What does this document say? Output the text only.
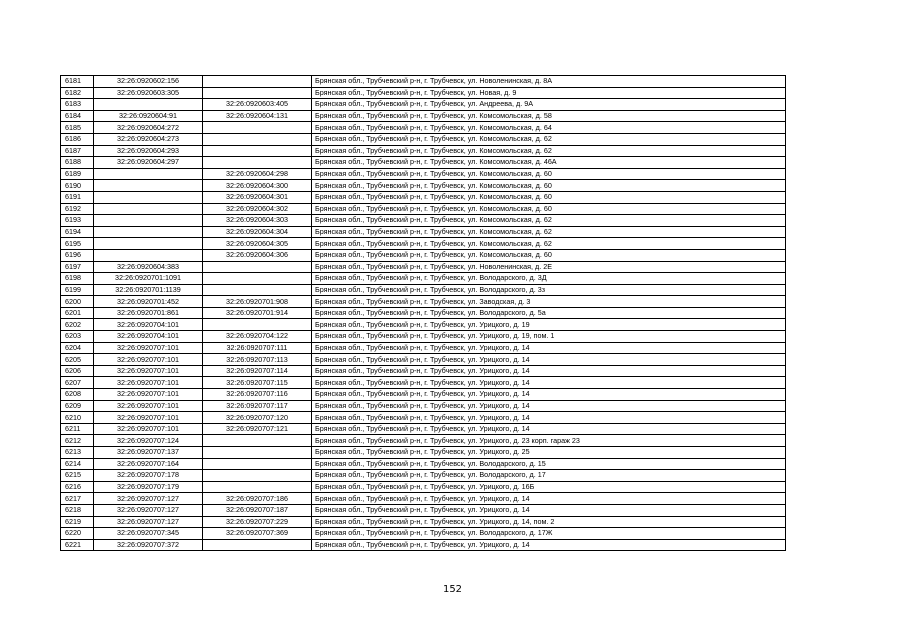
6181	32:26:0920602:156		Брянская обл., Трубчевский р-н, г. Трубчевск, ул. Новоленинская, д. 8А
6182	32:26:0920603:305		Брянская обл., Трубчевский р-н, г. Трубчевск, ул. Новая, д. 9
6183		32:26:0920603:405	Брянская обл., Трубчевский р-н, г. Трубчевск, ул. Андреева, д. 9А
6184	32:26:0920604:91	32:26:0920604:131	Брянская обл., Трубчевский р-н, г. Трубчевск, ул. Комсомольская, д. 58
6185	32:26:0920604:272		Брянская обл., Трубчевский р-н, г. Трубчевск, ул. Комсомольская, д. 64
6186	32:26:0920604:273		Брянская обл., Трубчевский р-н, г. Трубчевск, ул. Комсомольская, д. 62
6187	32:26:0920604:293		Брянская обл., Трубчевский р-н, г. Трубчевск, ул. Комсомольская, д. 62
6188	32:26:0920604:297		Брянская обл., Трубчевский р-н, г. Трубчевск, ул. Комсомольская, д. 46А
6189		32:26:0920604:298	Брянская обл., Трубчевский р-н, г. Трубчевск, ул. Комсомольская, д. 60
6190		32:26:0920604:300	Брянская обл., Трубчевский р-н, г. Трубчевск, ул. Комсомольская, д. 60
6191		32:26:0920604:301	Брянская обл., Трубчевский р-н, г. Трубчевск, ул. Комсомольская, д. 60
6192		32:26:0920604:302	Брянская обл., Трубчевский р-н, г. Трубчевск, ул. Комсомольская, д. 60
6193		32:26:0920604:303	Брянская обл., Трубчевский р-н, г. Трубчевск, ул. Комсомольская, д. 62
6194		32:26:0920604:304	Брянская обл., Трубчевский р-н, г. Трубчевск, ул. Комсомольская, д. 62
6195		32:26:0920604:305	Брянская обл., Трубчевский р-н, г. Трубчевск, ул. Комсомольская, д. 62
6196		32:26:0920604:306	Брянская обл., Трубчевский р-н, г. Трубчевск, ул. Комсомольская, д. 60
6197	32:26:0920604:383		Брянская обл., Трубчевский р-н, г. Трубчевск, ул. Новоленинская, д. 2Е
6198	32:26:0920701:1091		Брянская обл., Трубчевский р-н, г. Трубчевск, ул. Володарского, д. 3Д
6199	32:26:0920701:1139		Брянская обл., Трубчевский р-н, г. Трубчевск, ул. Володарского, д. 3з
6200	32:26:0920701:452	32:26:0920701:908	Брянская обл., Трубчевский р-н, г. Трубчевск, ул. Заводская, д. 3
6201	32:26:0920701:861	32:26:0920701:914	Брянская обл., Трубчевский р-н, г. Трубчевск, ул. Володарского, д. 5а
6202	32:26:0920704:101		Брянская обл., Трубчевский р-н, г. Трубчевск, ул. Урицкого, д. 19
6203	32:26:0920704:101	32:26:0920704:122	Брянская обл., Трубчевский р-н, г. Трубчевск, ул. Урицкого, д. 19, пом. 1
6204	32:26:0920707:101	32:26:0920707:111	Брянская обл., Трубчевский р-н, г. Трубчевск, ул. Урицкого, д. 14
6205	32:26:0920707:101	32:26:0920707:113	Брянская обл., Трубчевский р-н, г. Трубчевск, ул. Урицкого, д. 14
6206	32:26:0920707:101	32:26:0920707:114	Брянская обл., Трубчевский р-н, г. Трубчевск, ул. Урицкого, д. 14
6207	32:26:0920707:101	32:26:0920707:115	Брянская обл., Трубчевский р-н, г. Трубчевск, ул. Урицкого, д. 14
6208	32:26:0920707:101	32:26:0920707:116	Брянская обл., Трубчевский р-н, г. Трубчевск, ул. Урицкого, д. 14
6209	32:26:0920707:101	32:26:0920707:117	Брянская обл., Трубчевский р-н, г. Трубчевск, ул. Урицкого, д. 14
6210	32:26:0920707:101	32:26:0920707:120	Брянская обл., Трубчевский р-н, г. Трубчевск, ул. Урицкого, д. 14
6211	32:26:0920707:101	32:26:0920707:121	Брянская обл., Трубчевский р-н, г. Трубчевск, ул. Урицкого, д. 14
6212	32:26:0920707:124		Брянская обл., Трубчевский р-н, г. Трубчевск, ул. Урицкого, д. 23 корп. гараж 23
6213	32:26:0920707:137		Брянская обл., Трубчевский р-н, г. Трубчевск, ул. Урицкого, д. 25
6214	32:26:0920707:164		Брянская обл., Трубчевский р-н, г. Трубчевск, ул. Володарского, д. 15
6215	32:26:0920707:178		Брянская обл., Трубчевский р-н, г. Трубчевск, ул. Володарского, д. 17
6216	32:26:0920707:179		Брянская обл., Трубчевский р-н, г. Трубчевск, ул. Урицкого, д. 16Б
6217	32:26:0920707:127	32:26:0920707:186	Брянская обл., Трубчевский р-н, г. Трубчевск, ул. Урицкого, д. 14
6218	32:26:0920707:127	32:26:0920707:187	Брянская обл., Трубчевский р-н, г. Трубчевск, ул. Урицкого, д. 14
6219	32:26:0920707:127	32:26:0920707:229	Брянская обл., Трубчевский р-н, г. Трубчевск, ул. Урицкого, д. 14, пом. 2
6220	32:26:0920707:345	32:26:0920707:369	Брянская обл., Трубчевский р-н, г. Трубчевск, ул. Володарского, д. 17Ж
6221	32:26:0920707:372		Брянская обл., Трубчевский р-н, г. Трубчевск, ул. Урицкого, д. 14
152
